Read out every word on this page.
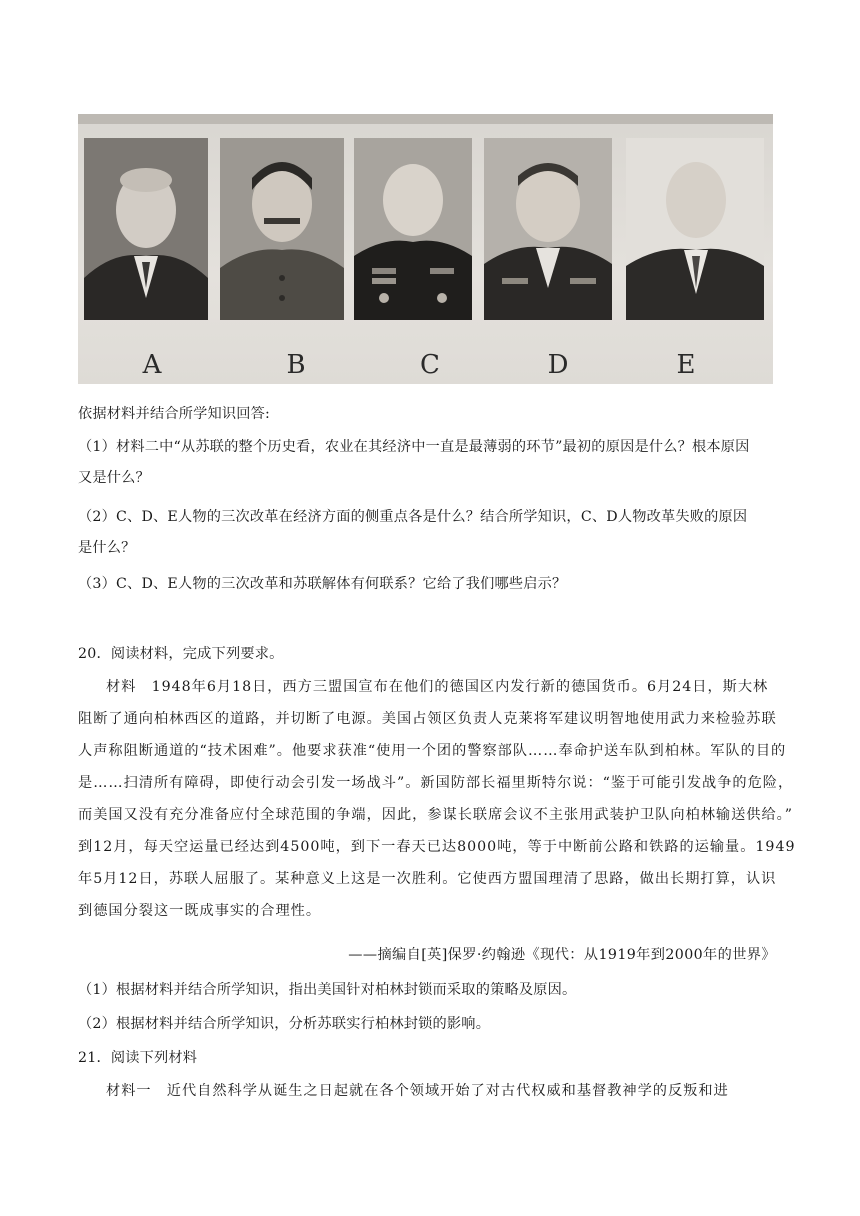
A	B	C	D	E
依据材料并结合所学知识回答:
（1）材料二中“从苏联的整个历史看，农业在其经济中一直是最薄弱的环节”最初的原因是什么？根本原因
又是什么？
（2）C、D、E人物的三次改革在经济方面的侧重点各是什么？结合所学知识，C、D人物改革失败的原因
是什么？
（3）C、D、E人物的三次改革和苏联解体有何联系？它给了我们哪些启示？
20．阅读材料，完成下列要求。
材料　1948年6月18日，西方三盟国宣布在他们的德国区内发行新的德国货币。6月24日，斯大林
阻断了通向柏林西区的道路，并切断了电源。美国占领区负责人克莱将军建议明智地使用武力来检验苏联
人声称阻断通道的“技术困难”。他要求获准“使用一个团的警察部队……奉命护送车队到柏林。军队的目的
是……扫清所有障碍，即使行动会引发一场战斗”。新国防部长福里斯特尔说：“鉴于可能引发战争的危险，
而美国又没有充分准备应付全球范围的争端，因此，参谋长联席会议不主张用武装护卫队向柏林输送供给。”
到12月，每天空运量已经达到4500吨，到下一春天已达8000吨，等于中断前公路和铁路的运输量。1949
年5月12日，苏联人屈服了。某种意义上这是一次胜利。它使西方盟国理清了思路，做出长期打算，认识
到德国分裂这一既成事实的合理性。
——摘编自[英]保罗·约翰逊《现代：从1919年到2000年的世界》
（1）根据材料并结合所学知识，指出美国针对柏林封锁而采取的策略及原因。
（2）根据材料并结合所学知识，分析苏联实行柏林封锁的影响。
21．阅读下列材料
材料一　近代自然科学从诞生之日起就在各个领域开始了对古代权威和基督教神学的反叛和进
